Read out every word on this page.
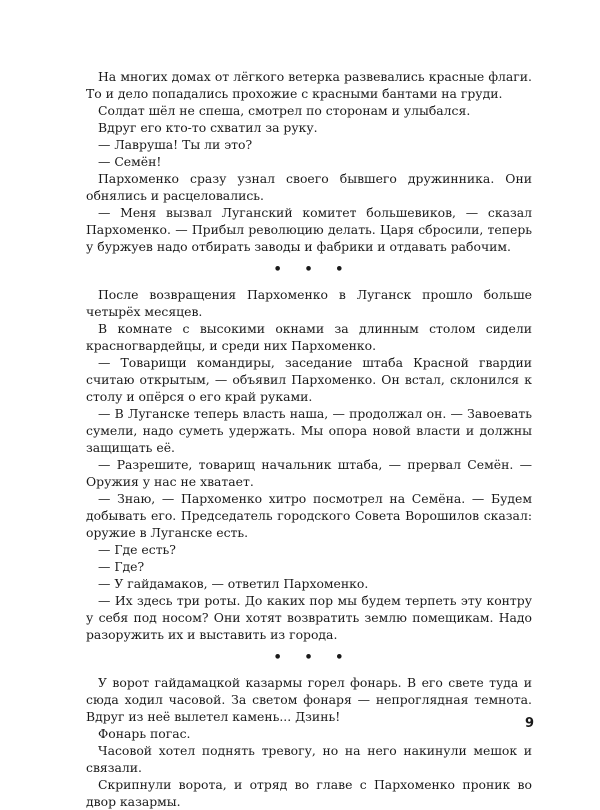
На многих домах от лёгкого ветерка развевались красные флаги. То и дело попадались прохожие с красными бантами на груди.

Солдат шёл не спеша, смотрел по сторонам и улыбался.

Вдруг его кто-то схватил за руку.

— Лавруша! Ты ли это?

— Семён!

Пархоменко сразу узнал своего бывшего дружинника. Они обнялись и расцеловались.

— Меня вызвал Луганский комитет большевиков, — сказал Пархоменко. — Прибыл революцию делать. Царя сбросили, теперь у буржуев надо отбирать заводы и фабрики и отдавать рабочим.

• • •

После возвращения Пархоменко в Луганск прошло больше четырёх месяцев.

В комнате с высокими окнами за длинным столом сидели красногвардейцы, и среди них Пархоменко.

— Товарищи командиры, заседание штаба Красной гвардии считаю открытым, — объявил Пархоменко. Он встал, склонился к столу и опёрся о его край руками.

— В Луганске теперь власть наша, — продолжал он. — Завоевать сумели, надо суметь удержать. Мы опора новой власти и должны защищать её.

— Разрешите, товарищ начальник штаба, — прервал Семён. — Оружия у нас не хватает.

— Знаю, — Пархоменко хитро посмотрел на Семёна. — Будем добывать его. Председатель городского Совета Ворошилов сказал: оружие в Луганске есть.

— Где есть?

— Где?

— У гайдамаков, — ответил Пархоменко.

— Их здесь три роты. До каких пор мы будем терпеть эту контру у себя под носом? Они хотят возвратить землю помещикам. Надо разоружить их и выставить из города.

• • •

У ворот гайдамацкой казармы горел фонарь. В его свете туда и сюда ходил часовой. За светом фонаря — непроглядная темнота. Вдруг из неё вылетел камень... Дзинь!

Фонарь погас.

Часовой хотел поднять тревогу, но на него накинули мешок и связали.

Скрипнули ворота, и отряд во главе с Пархоменко проник во двор казармы.

9
